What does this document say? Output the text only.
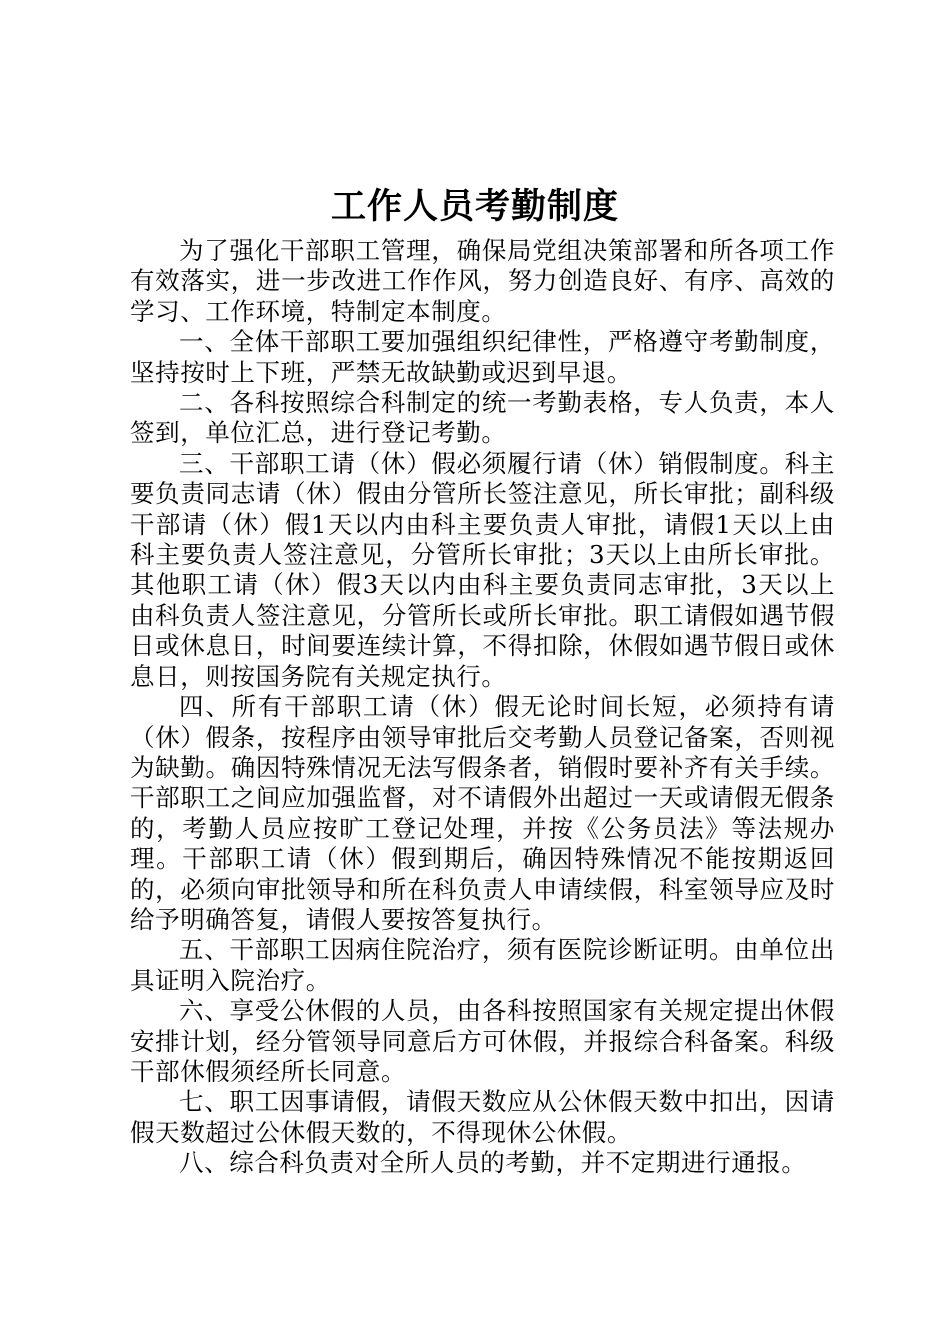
工作人员考勤制度

为了强化干部职工管理，确保局党组决策部署和所各项工作有效落实，进一步改进工作作风，努力创造良好、有序、高效的学习、工作环境，特制定本制度。

一、全体干部职工要加强组织纪律性，严格遵守考勤制度，坚持按时上下班，严禁无故缺勤或迟到早退。

二、各科按照综合科制定的统一考勤表格，专人负责，本人签到，单位汇总，进行登记考勤。

三、干部职工请（休）假必须履行请（休）销假制度。科主要负责同志请（休）假由分管所长签注意见，所长审批；副科级干部请（休）假1天以内由科主要负责人审批，请假1天以上由科主要负责人签注意见，分管所长审批；3天以上由所长审批。其他职工请（休）假3天以内由科主要负责同志审批，3天以上由科负责人签注意见，分管所长或所长审批。职工请假如遇节假日或休息日，时间要连续计算，不得扣除，休假如遇节假日或休息日，则按国务院有关规定执行。

四、所有干部职工请（休）假无论时间长短，必须持有请（休）假条，按程序由领导审批后交考勤人员登记备案，否则视为缺勤。确因特殊情况无法写假条者，销假时要补齐有关手续。干部职工之间应加强监督，对不请假外出超过一天或请假无假条的，考勤人员应按旷工登记处理，并按《公务员法》等法规办理。干部职工请（休）假到期后，确因特殊情况不能按期返回的，必须向审批领导和所在科负责人申请续假，科室领导应及时给予明确答复，请假人要按答复执行。

五、干部职工因病住院治疗，须有医院诊断证明。由单位出具证明入院治疗。

六、享受公休假的人员，由各科按照国家有关规定提出休假安排计划，经分管领导同意后方可休假，并报综合科备案。科级干部休假须经所长同意。

七、职工因事请假，请假天数应从公休假天数中扣出，因请假天数超过公休假天数的，不得现休公休假。

八、综合科负责对全所人员的考勤，并不定期进行通报。
